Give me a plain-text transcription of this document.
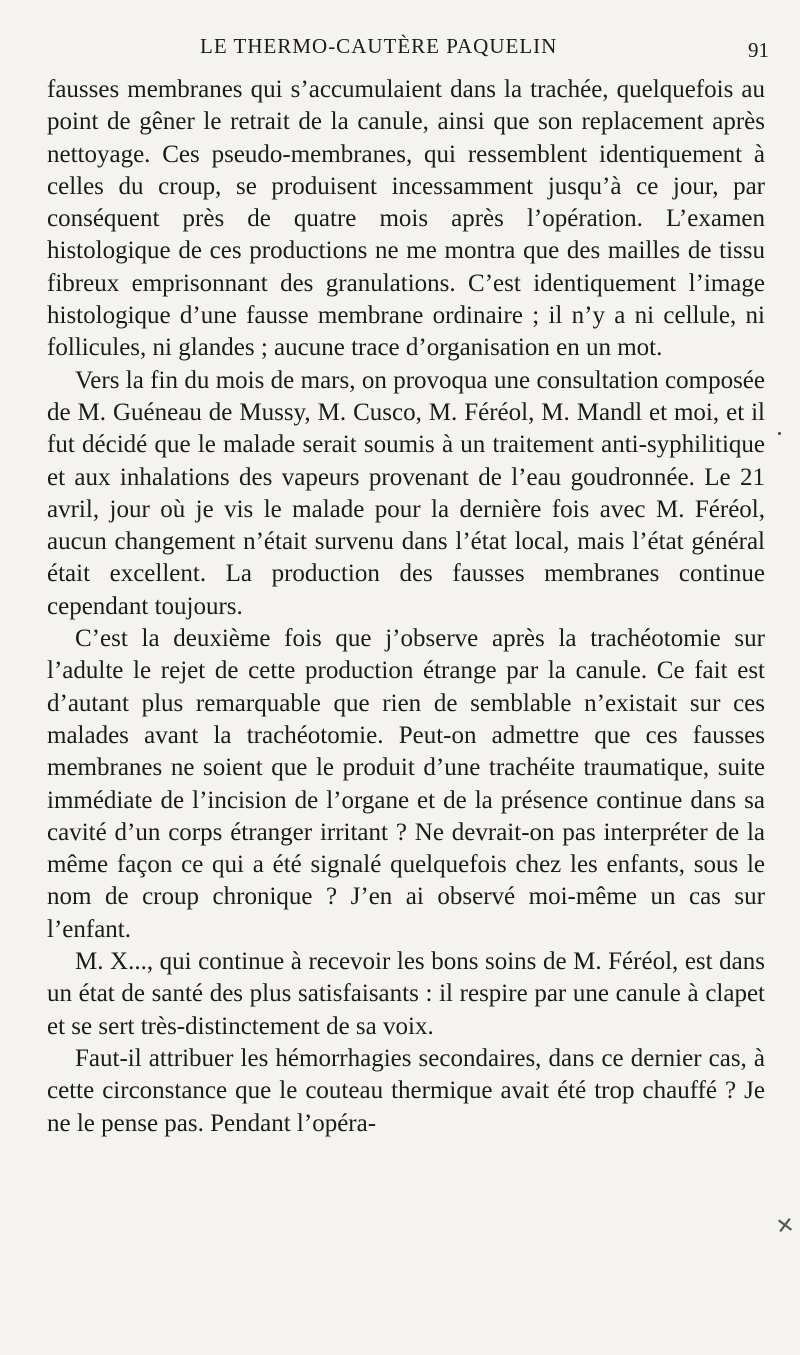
LE THERMO-CAUTÈRE PAQUELIN	91

fausses membranes qui s’accumulaient dans la trachée, quelquefois au point de gêner le retrait de la canule, ainsi que son replacement après nettoyage. Ces pseudo-membranes, qui ressemblent identiquement à celles du croup, se produisent incessamment jusqu’à ce jour, par conséquent près de quatre mois après l’opération. L’examen histologique de ces productions ne me montra que des mailles de tissu fibreux emprisonnant des granulations. C’est identiquement l’image histologique d’une fausse membrane ordinaire ; il n’y a ni cellule, ni follicules, ni glandes ; aucune trace d’organisation en un mot.

Vers la fin du mois de mars, on provoqua une consultation composée de M. Guéneau de Mussy, M. Cusco, M. Féréol, M. Mandl et moi, et il fut décidé que le malade serait soumis à un traitement anti-syphilitique et aux inhalations des vapeurs provenant de l’eau goudronnée. Le 21 avril, jour où je vis le malade pour la dernière fois avec M. Féréol, aucun changement n’était survenu dans l’état local, mais l’état général était excellent. La production des fausses membranes continue cependant toujours.

C’est la deuxième fois que j’observe après la trachéotomie sur l’adulte le rejet de cette production étrange par la canule. Ce fait est d’autant plus remarquable que rien de semblable n’existait sur ces malades avant la trachéotomie. Peut-on admettre que ces fausses membranes ne soient que le produit d’une trachéite traumatique, suite immédiate de l’incision de l’organe et de la présence continue dans sa cavité d’un corps étranger irritant ? Ne devrait-on pas interpréter de la même façon ce qui a été signalé quelquefois chez les enfants, sous le nom de croup chronique ? J’en ai observé moi-même un cas sur l’enfant.

M. X..., qui continue à recevoir les bons soins de M. Féréol, est dans un état de santé des plus satisfaisants : il respire par une canule à clapet et se sert très-distinctement de sa voix.

Faut-il attribuer les hémorrhagies secondaires, dans ce dernier cas, à cette circonstance que le couteau thermique avait été trop chauffé ? Je ne le pense pas. Pendant l’opéra-

✕
